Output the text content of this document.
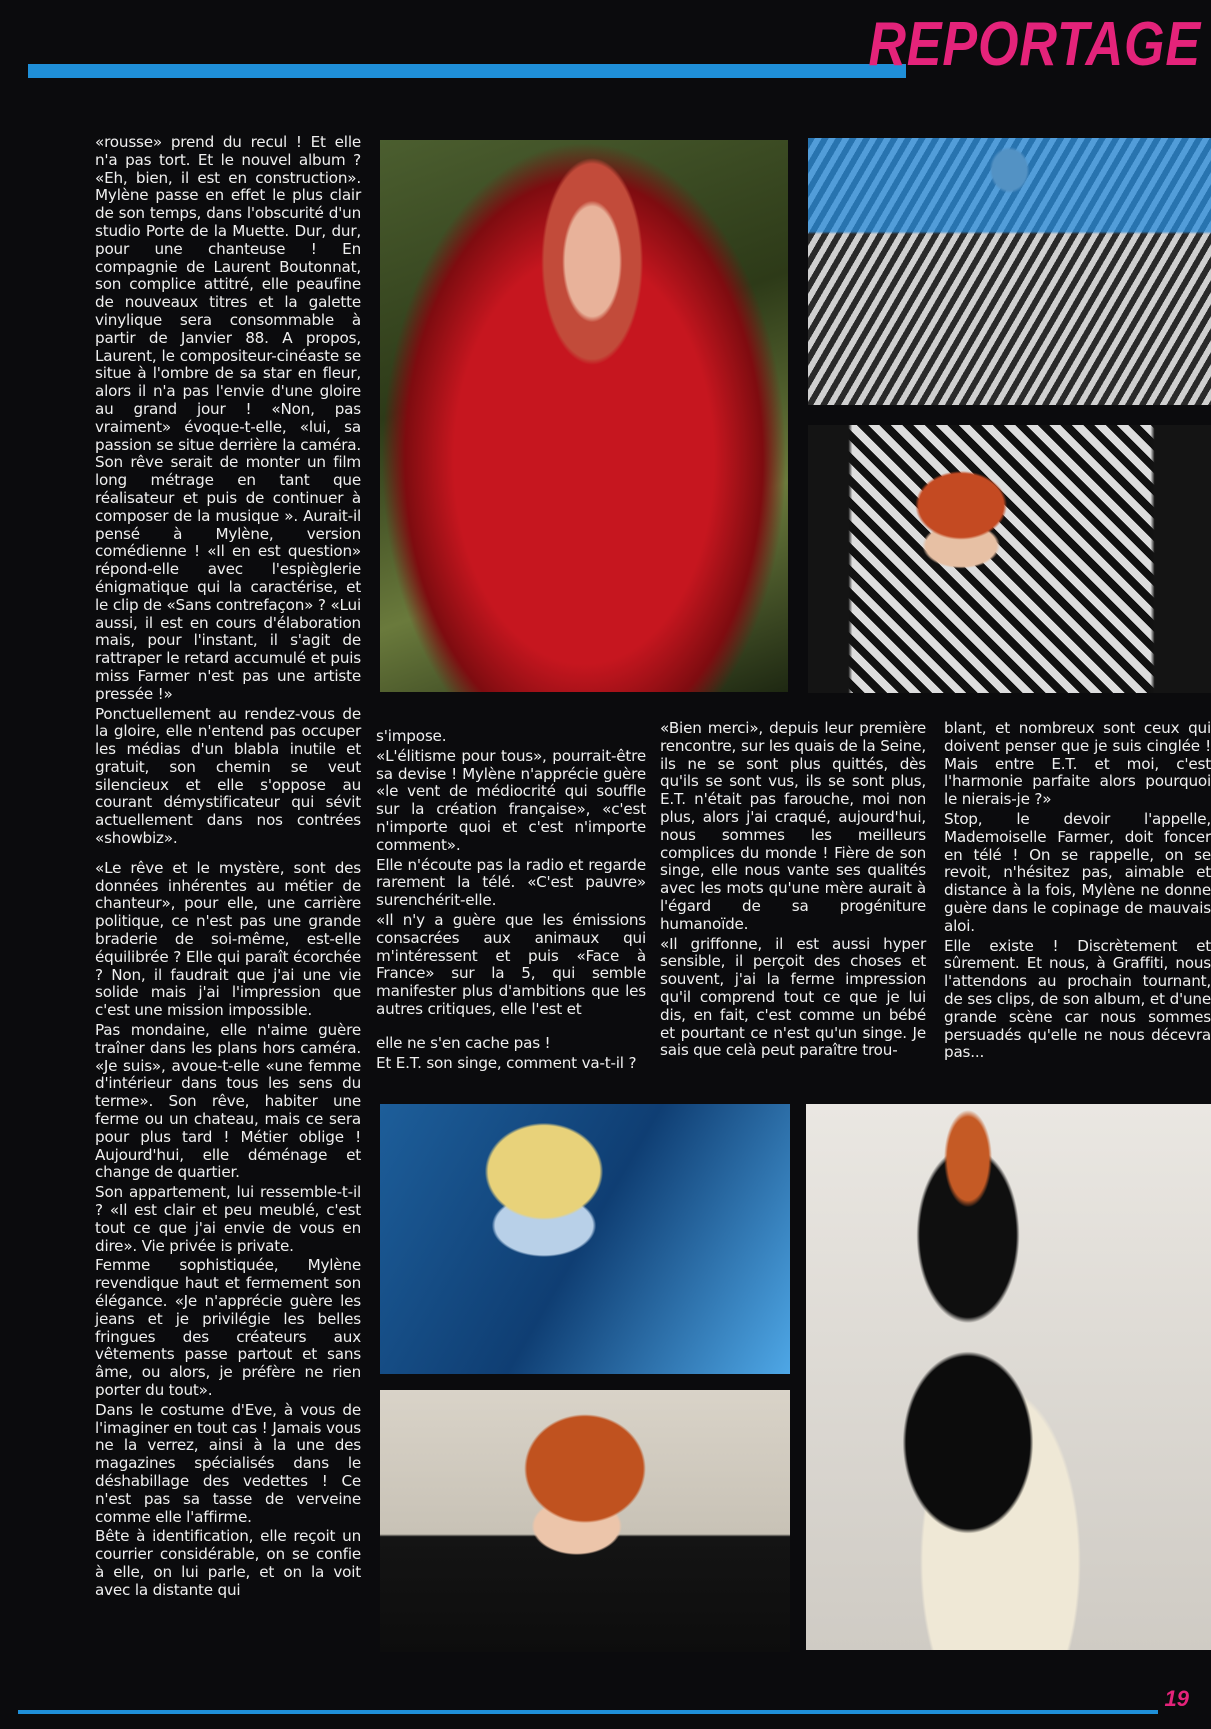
REPORTAGE

«rousse» prend du recul ! Et elle n'a pas tort. Et le nouvel album ? «Eh, bien, il est en construction». Mylène passe en effet le plus clair de son temps, dans l'obscurité d'un studio Porte de la Muette. Dur, dur, pour une chanteuse ! En compagnie de Laurent Boutonnat, son complice attitré, elle peaufine de nouveaux titres et la galette vinylique sera consommable à partir de Janvier 88. A propos, Laurent, le compositeur-cinéaste se situe à l'ombre de sa star en fleur, alors il n'a pas l'envie d'une gloire au grand jour ! «Non, pas vraiment» évoque-t-elle, «lui, sa passion se situe derrière la caméra. Son rêve serait de monter un film long métrage en tant que réalisateur et puis de continuer à composer de la musique ». Aurait-il pensé à Mylène, version comédienne ! «Il en est question» répond-elle avec l'espièglerie énigmatique qui la caractérise, et le clip de «Sans contrefaçon» ? «Lui aussi, il est en cours d'élaboration mais, pour l'instant, il s'agit de rattraper le retard accumulé et puis miss Farmer n'est pas une artiste pressée !»

Ponctuellement au rendez-vous de la gloire, elle n'entend pas occuper les médias d'un blabla inutile et gratuit, son chemin se veut silencieux et elle s'oppose au courant démystificateur qui sévit actuellement dans nos contrées «showbiz».

«Le rêve et le mystère, sont des données inhérentes au métier de chanteur», pour elle, une carrière politique, ce n'est pas une grande braderie de soi-même, est-elle équilibrée ? Elle qui paraît écorchée ? Non, il faudrait que j'ai une vie solide mais j'ai l'impression que c'est une mission impossible.

Pas mondaine, elle n'aime guère traîner dans les plans hors caméra. «Je suis», avoue-t-elle «une femme d'intérieur dans tous les sens du terme». Son rêve, habiter une ferme ou un chateau, mais ce sera pour plus tard ! Métier oblige ! Aujourd'hui, elle déménage et change de quartier.

Son appartement, lui ressemble-t-il ? «Il est clair et peu meublé, c'est tout ce que j'ai envie de vous en dire». Vie privée is private.

Femme sophistiquée, Mylène revendique haut et fermement son élégance. «Je n'apprécie guère les jeans et je privilégie les belles fringues des créateurs aux vêtements passe partout et sans âme, ou alors, je préfère ne rien porter du tout».

Dans le costume d'Eve, à vous de l'imaginer en tout cas ! Jamais vous ne la verrez, ainsi à la une des magazines spécialisés dans le déshabillage des vedettes ! Ce n'est pas sa tasse de verveine comme elle l'affirme.

Bête à identification, elle reçoit un courrier considérable, on se confie à elle, on lui parle, et on la voit avec la distante qui

s'impose.

«L'élitisme pour tous», pourrait-être sa devise ! Mylène n'apprécie guère «le vent de médiocrité qui souffle sur la création française», «c'est n'importe quoi et c'est n'importe comment».

Elle n'écoute pas la radio et regarde rarement la télé. «C'est pauvre» surenchérit-elle.

«Il n'y a guère que les émissions consacrées aux animaux qui m'intéressent et puis «Face à France» sur la 5, qui semble manifester plus d'ambitions que les autres critiques, elle l'est et

elle ne s'en cache pas !

Et E.T. son singe, comment va-t-il ?

«Bien merci», depuis leur première rencontre, sur les quais de la Seine, ils ne se sont plus quittés, dès qu'ils se sont vus, ils se sont plus, E.T. n'était pas farouche, moi non plus, alors j'ai craqué, aujourd'hui, nous sommes les meilleurs complices du monde ! Fière de son singe, elle nous vante ses qualités avec les mots qu'une mère aurait à l'égard de sa progéniture humanoïde.

«Il griffonne, il est aussi hyper sensible, il perçoit des choses et souvent, j'ai la ferme impression qu'il comprend tout ce que je lui dis, en fait, c'est comme un bébé et pourtant ce n'est qu'un singe. Je sais que celà peut paraître trou-

blant, et nombreux sont ceux qui doivent penser que je suis cinglée ! Mais entre E.T. et moi, c'est l'harmonie parfaite alors pourquoi le nierais-je ?»

Stop, le devoir l'appelle, Mademoiselle Farmer, doit foncer en télé ! On se rappelle, on se revoit, n'hésitez pas, aimable et distance à la fois, Mylène ne donne guère dans le copinage de mauvais aloi.

Elle existe ! Discrètement et sûrement. Et nous, à Graffiti, nous l'attendons au prochain tournant, de ses clips, de son album, et d'une grande scène car nous sommes persuadés qu'elle ne nous décevra pas...

19
